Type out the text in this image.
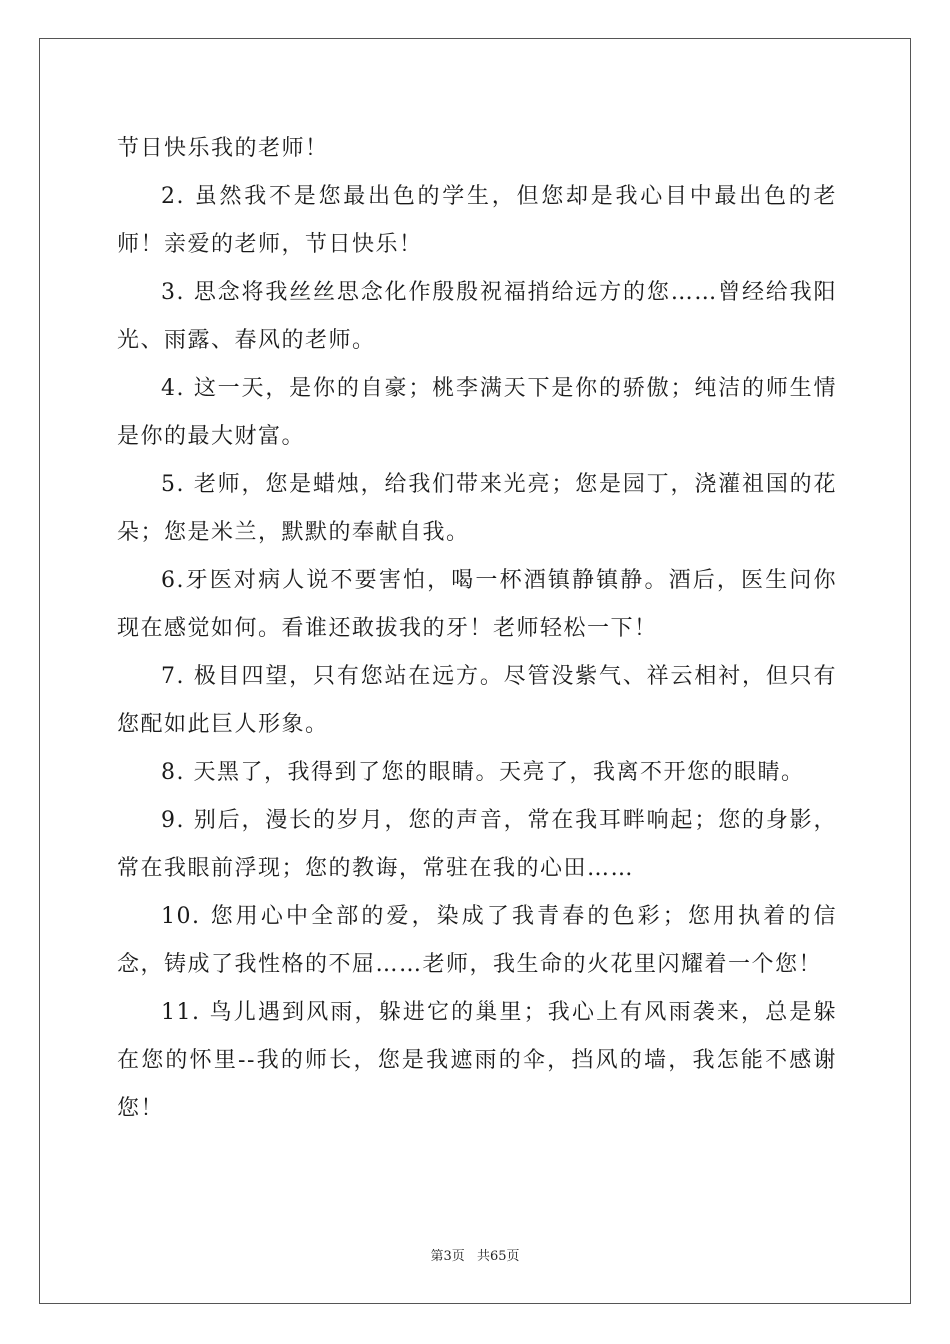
节日快乐我的老师！

2. 虽然我不是您最出色的学生，但您却是我心目中最出色的老师！亲爱的老师，节日快乐！

3. 思念将我丝丝思念化作殷殷祝福捎给远方的您……曾经给我阳光、雨露、春风的老师。

4. 这一天，是你的自豪；桃李满天下是你的骄傲；纯洁的师生情是你的最大财富。

5. 老师，您是蜡烛，给我们带来光亮；您是园丁，浇灌祖国的花朵；您是米兰，默默的奉献自我。

6.牙医对病人说不要害怕，喝一杯酒镇静镇静。酒后，医生问你现在感觉如何。看谁还敢拔我的牙！老师轻松一下！

7. 极目四望，只有您站在远方。尽管没紫气、祥云相衬，但只有您配如此巨人形象。

8. 天黑了，我得到了您的眼睛。天亮了，我离不开您的眼睛。

9. 别后，漫长的岁月，您的声音，常在我耳畔响起；您的身影，常在我眼前浮现；您的教诲，常驻在我的心田……

10. 您用心中全部的爱，染成了我青春的色彩；您用执着的信念，铸成了我性格的不屈……老师，我生命的火花里闪耀着一个您！

11. 鸟儿遇到风雨，躲进它的巢里；我心上有风雨袭来，总是躲在您的怀里--我的师长，您是我遮雨的伞，挡风的墙，我怎能不感谢您！

第3页 共65页
